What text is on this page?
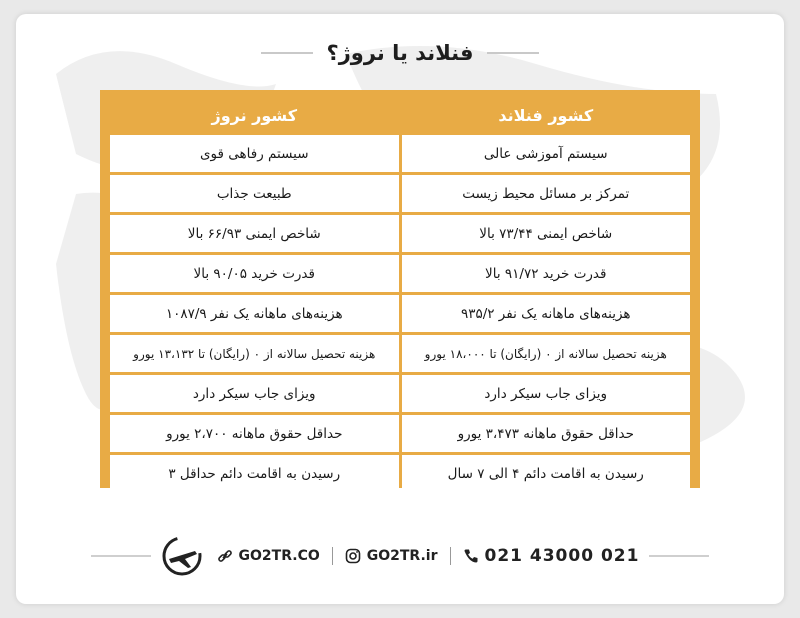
فنلاند یا نروژ؟
کشور فنلاند	کشور نروژ
سیستم آموزشی عالی	سیستم رفاهی قوی
تمرکز بر مسائل محیط زیست	طبیعت جذاب
شاخص ایمنی ۷۳/۴۴ بالا	شاخص ایمنی ۶۶/۹۳ بالا
قدرت خرید ۹۱/۷۲ بالا	قدرت خرید ۹۰/۰۵ بالا
هزینه‌های ماهانه یک نفر ۹۳۵/۲	هزینه‌های ماهانه یک نفر ۱۰۸۷/۹
هزینه تحصیل سالانه از ۰ (رایگان) تا ۱۸،۰۰۰ یورو	هزینه تحصیل سالانه از ۰ (رایگان) تا ۱۳،۱۳۲ یورو
ویزای جاب سیکر دارد	ویزای جاب سیکر دارد
حداقل حقوق ماهانه ۳،۴۷۳ یورو	حداقل حقوق ماهانه ۲،۷۰۰ یورو
رسیدن به اقامت دائم ۴ الی ۷ سال	رسیدن به اقامت دائم حداقل ۳
GO2TR.CO	GO2TR.ir	021 43000 021
